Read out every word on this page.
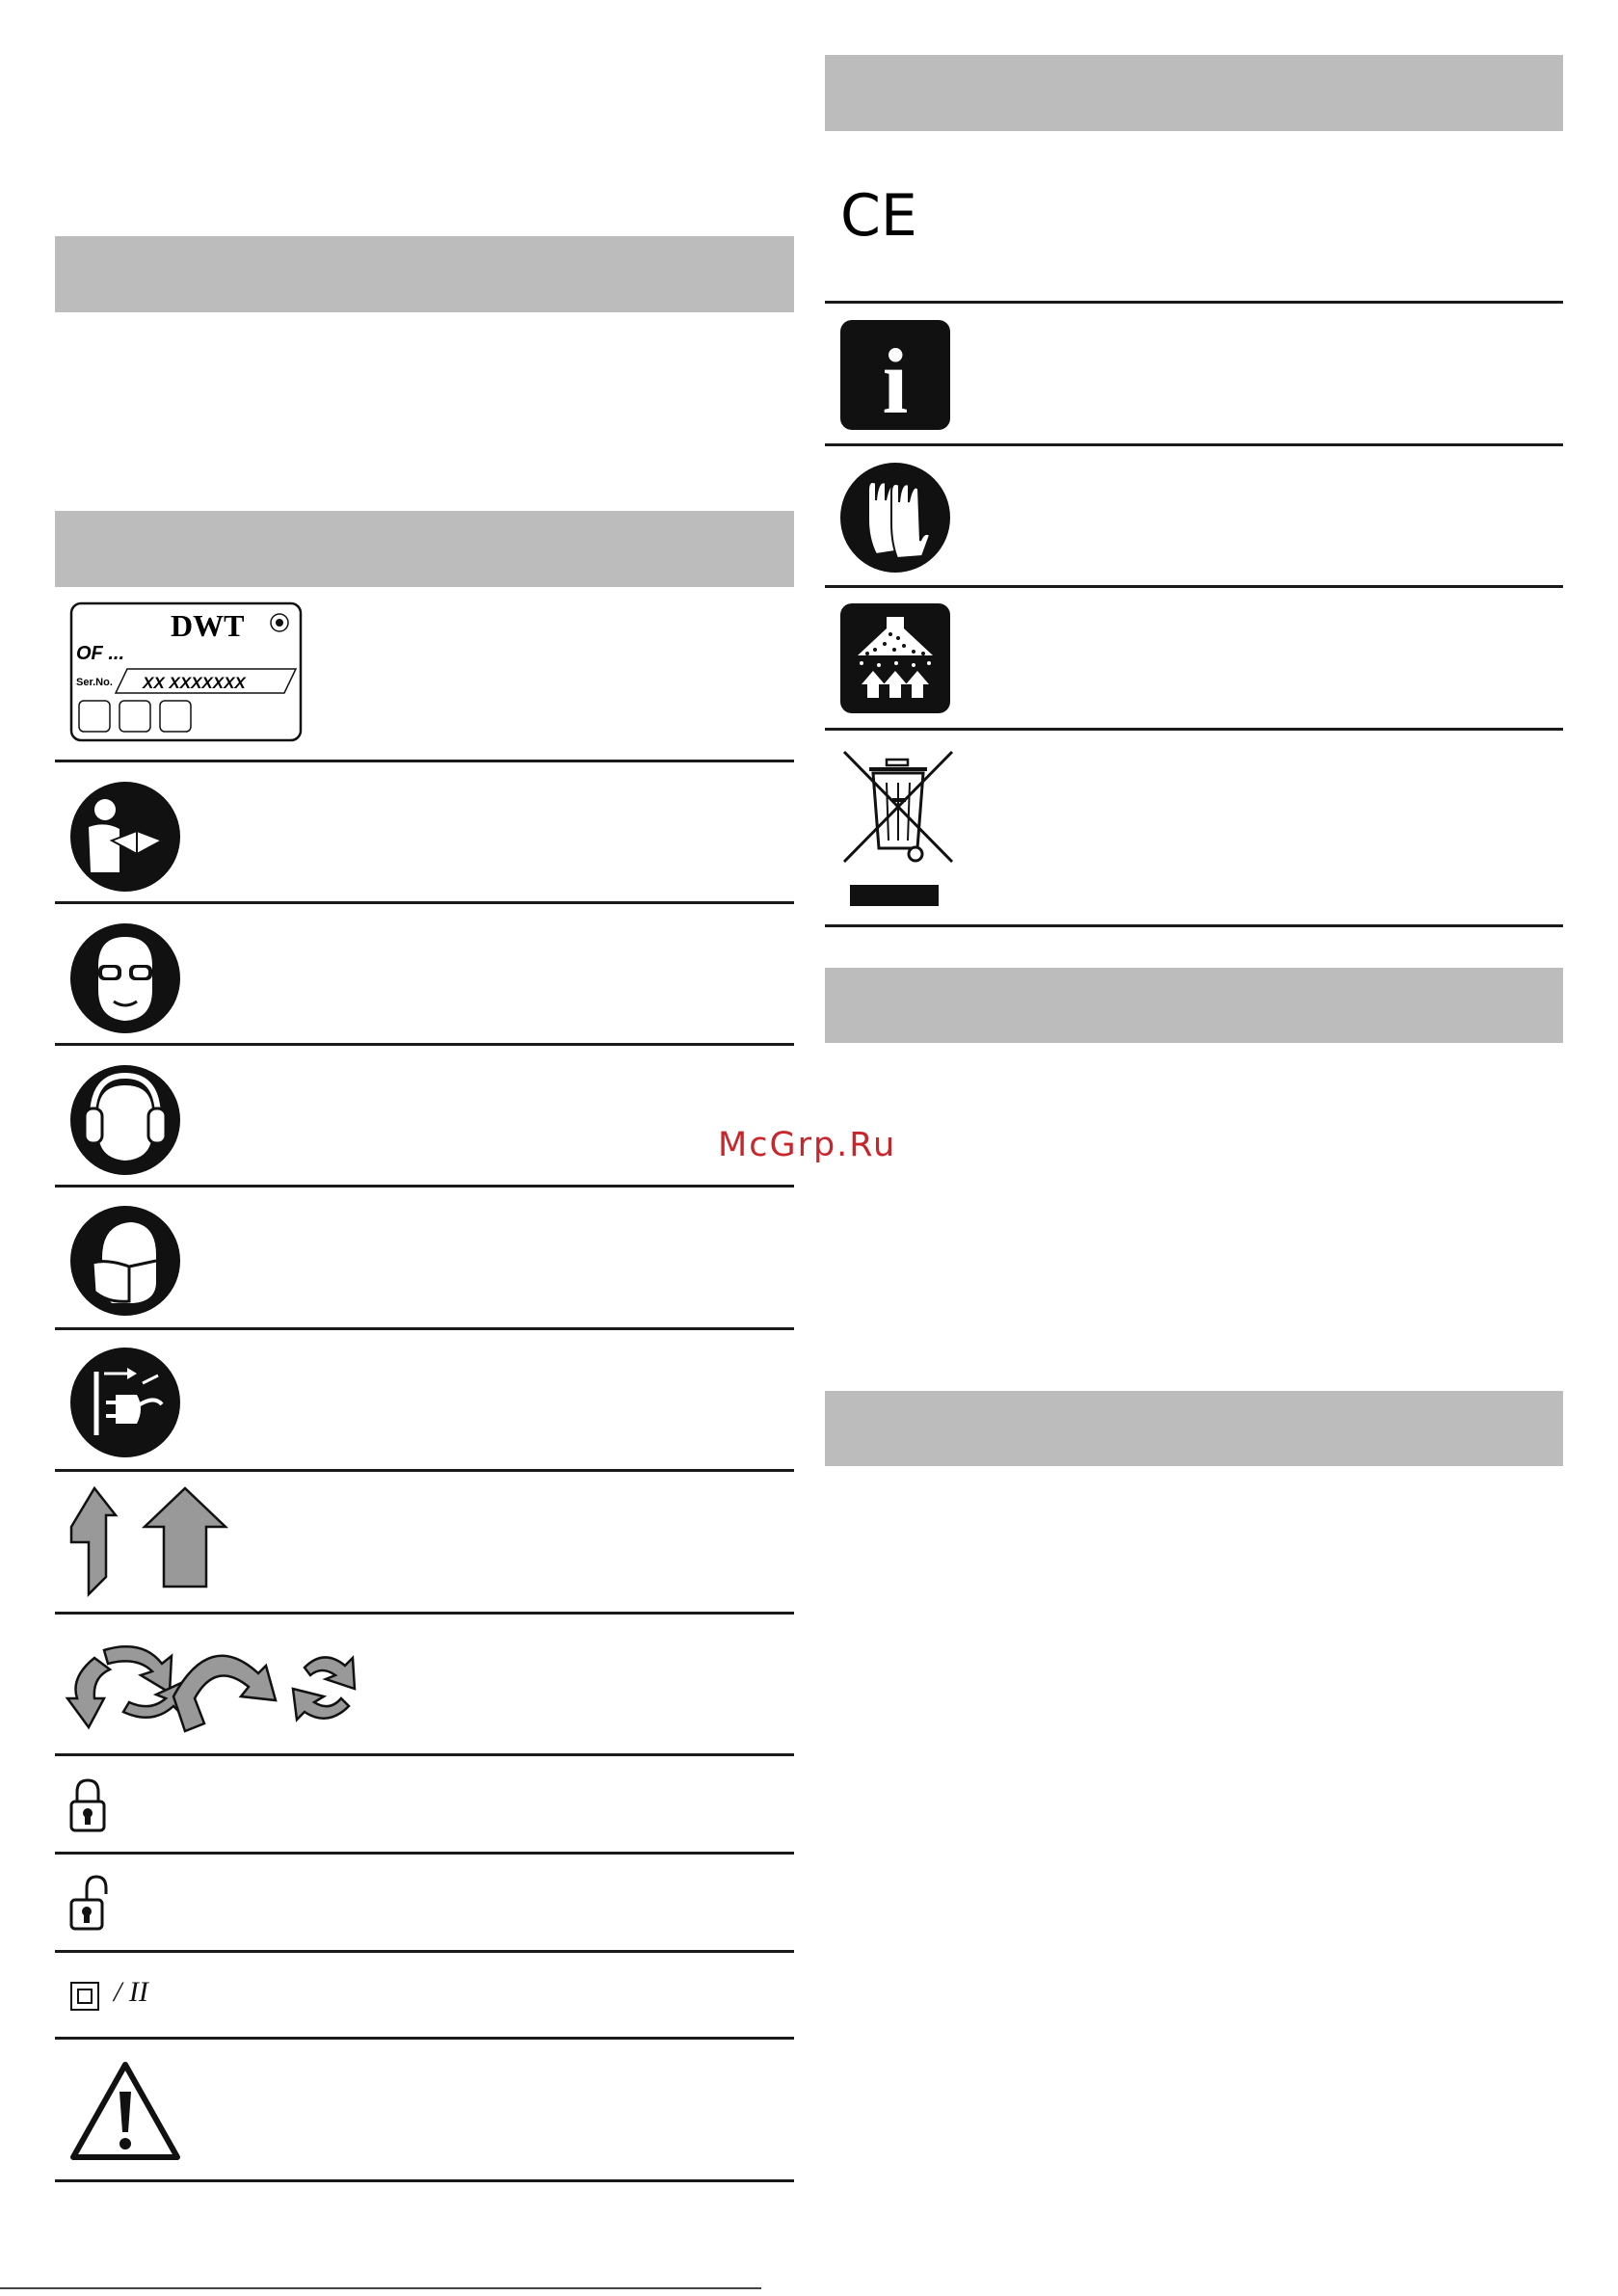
DWT
OF ...
Ser.No. XX XXXXXXX
/ II
CE
i
McGrp.Ru
